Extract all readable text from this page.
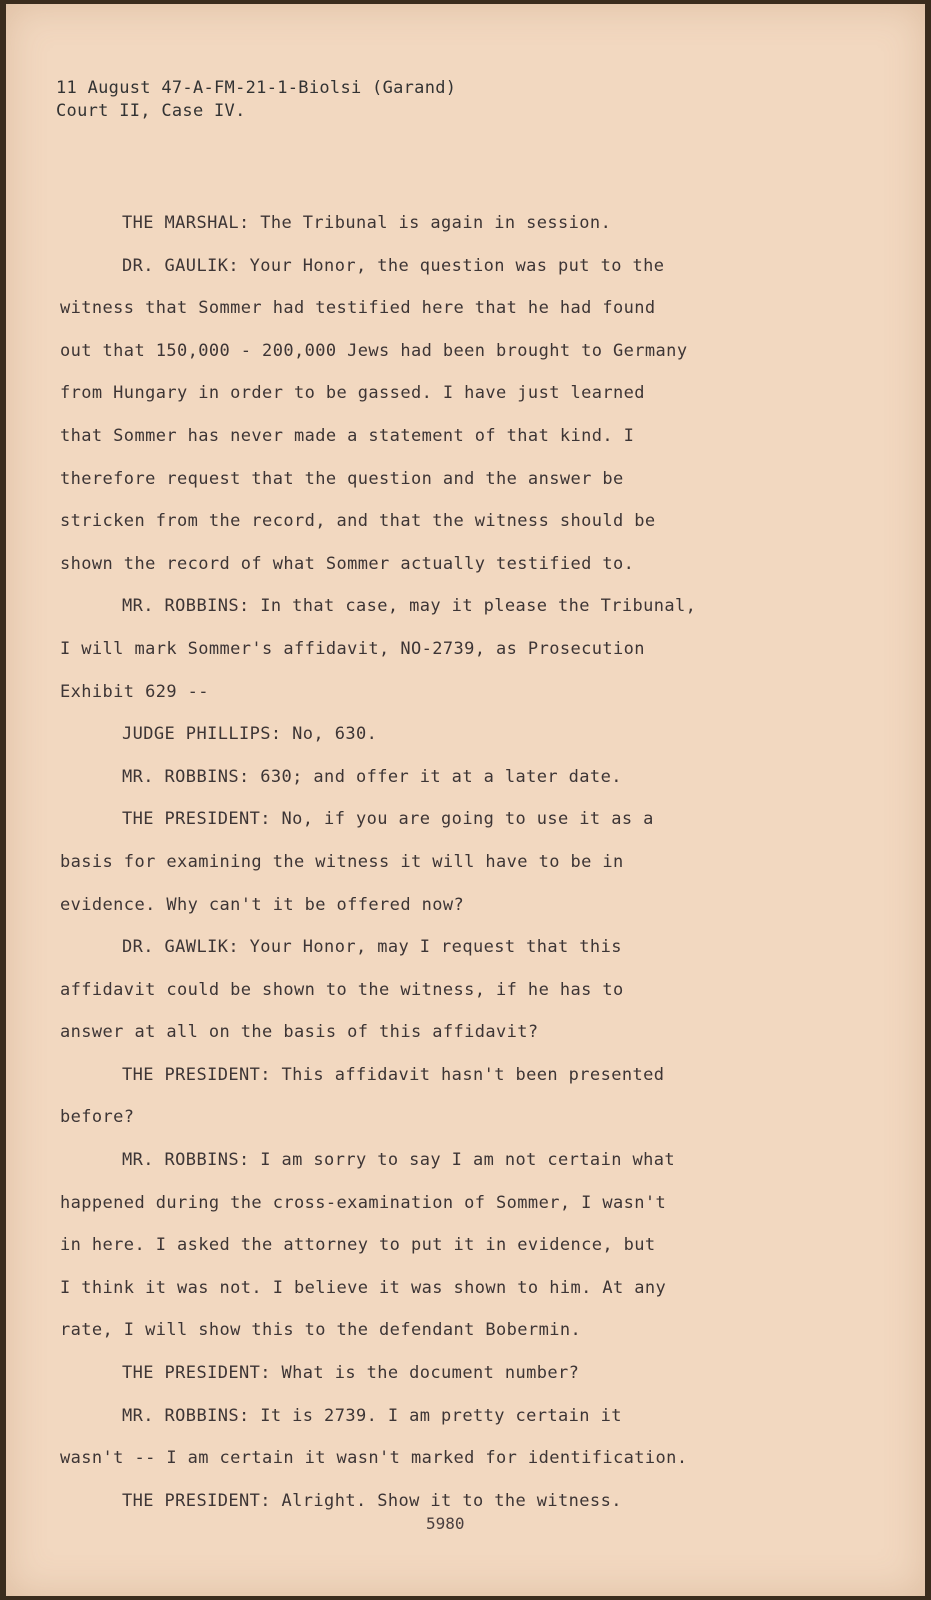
11 August 47-A-FM-21-1-Biolsi (Garand)
Court II, Case IV.
THE MARSHAL: The Tribunal is again in session.
DR. GAULIK: Your Honor, the question was put to the
witness that Sommer had testified here that he had found
out that 150,000 - 200,000 Jews had been brought to Germany
from Hungary in order to be gassed. I have just learned
that Sommer has never made a statement of that kind. I
therefore request that the question and the answer be
stricken from the record, and that the witness should be
shown the record of what Sommer actually testified to.
MR. ROBBINS: In that case, may it please the Tribunal,
I will mark Sommer's affidavit, NO-2739, as Prosecution
Exhibit 629 --
JUDGE PHILLIPS: No, 630.
MR. ROBBINS: 630; and offer it at a later date.
THE PRESIDENT: No, if you are going to use it as a
basis for examining the witness it will have to be in
evidence. Why can't it be offered now?
DR. GAWLIK: Your Honor, may I request that this
affidavit could be shown to the witness, if he has to
answer at all on the basis of this affidavit?
THE PRESIDENT: This affidavit hasn't been presented
before?
MR. ROBBINS: I am sorry to say I am not certain what
happened during the cross-examination of Sommer, I wasn't
in here. I asked the attorney to put it in evidence, but
I think it was not. I believe it was shown to him. At any
rate, I will show this to the defendant Bobermin.
THE PRESIDENT: What is the document number?
MR. ROBBINS: It is 2739. I am pretty certain it
wasn't -- I am certain it wasn't marked for identification.
THE PRESIDENT: Alright. Show it to the witness.
5980
